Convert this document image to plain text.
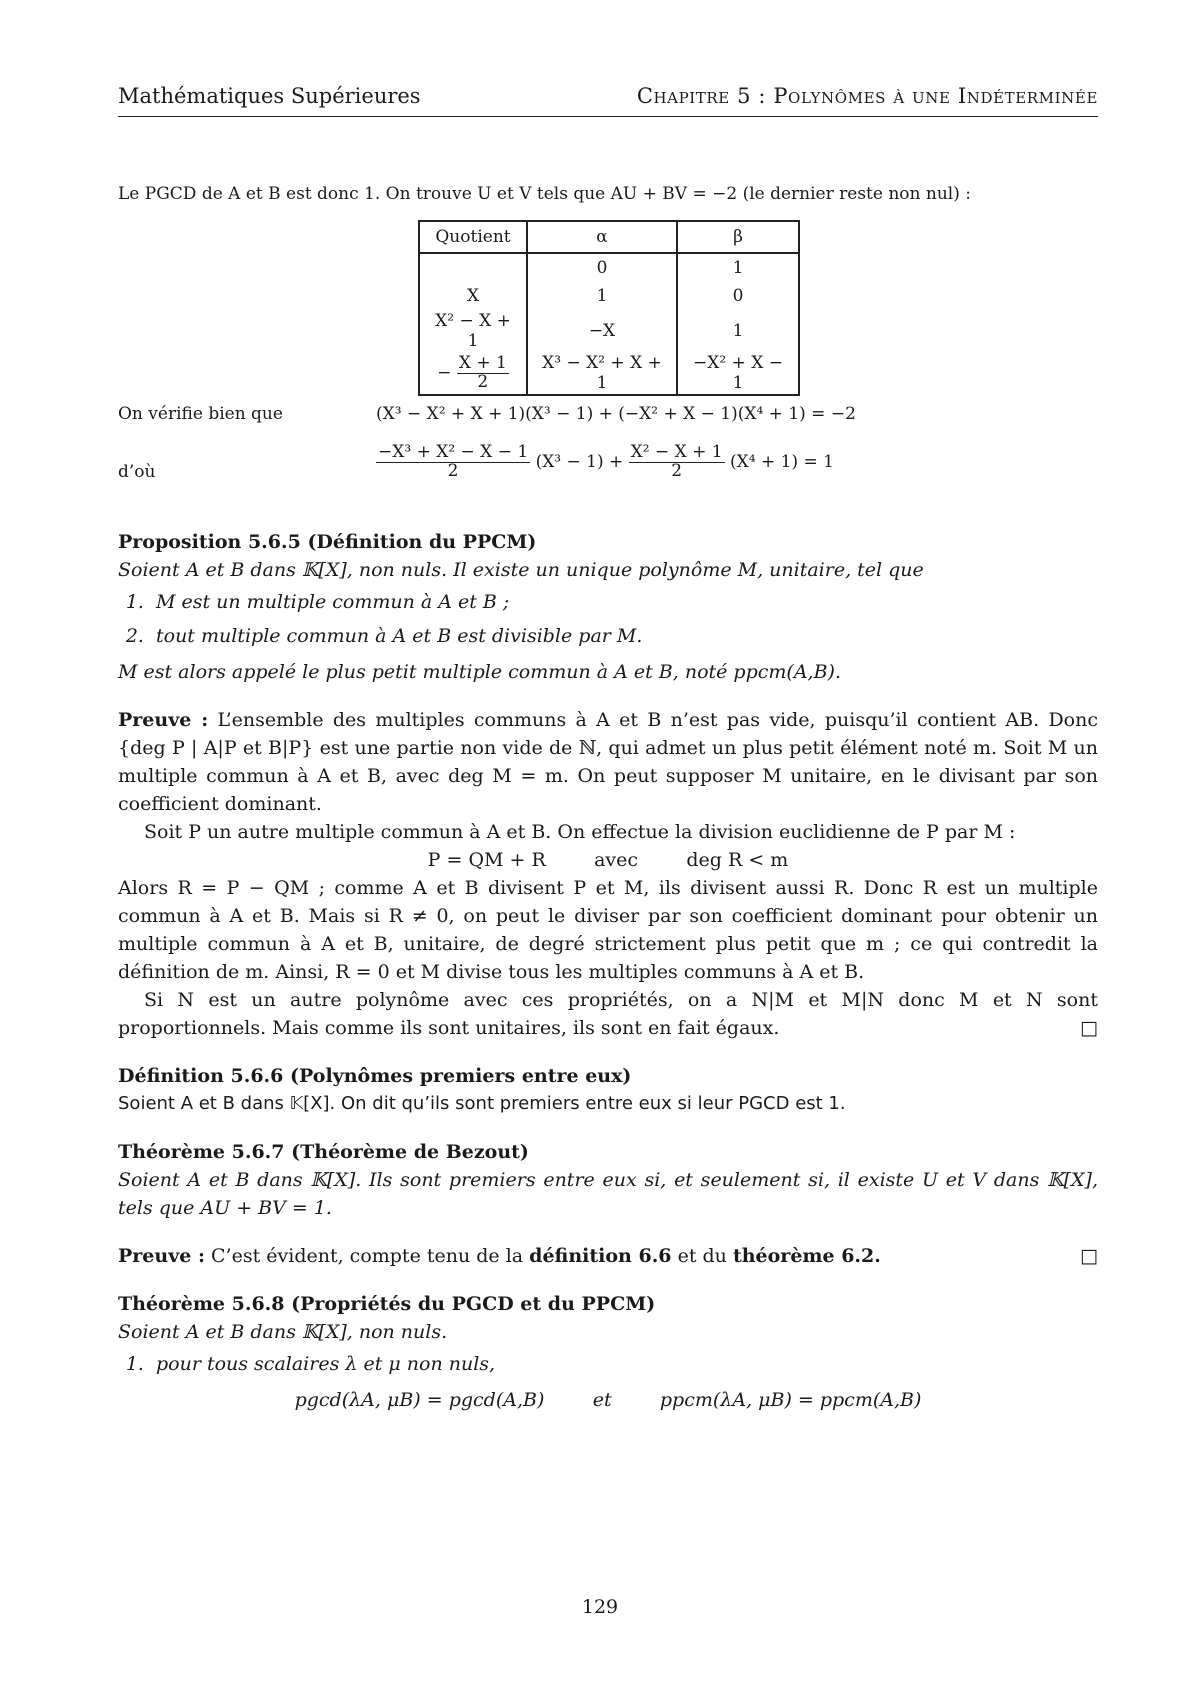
Mathématiques Supérieures	Chapitre 5 : Polynômes à une Indéterminée
Le PGCD de A et B est donc 1. On trouve U et V tels que AU + BV = −2 (le dernier reste non nul) :
Quotient	α	β
	0	1
X	1	0
X² − X + 1	−X	1
− $\frac{X + 1}{2}$	X³ − X² + X + 1	−X² + X − 1
On vérifie bien que	(X³ − X² + X + 1)(X³ − 1) + (−X² + X − 1)(X⁴ + 1) = −2
d’où	$\frac{\text{−X³ + X² − X − 1}}{2} (X^3 - 1) + \frac{\text{X² − X + 1}}{2} (X^4 + 1) = 1$

Proposition 5.6.5 (Définition du PPCM)

Soient A et B dans 𝕂[X], non nuls. Il existe un unique polynôme M, unitaire, tel que

1. M est un multiple commun à A et B ;
2. tout multiple commun à A et B est divisible par M.

M est alors appelé le plus petit multiple commun à A et B, noté ppcm(A,B).

Preuve : L’ensemble des multiples communs à A et B n’est pas vide, puisqu’il contient AB. Donc {deg P | A|P et B|P} est une partie non vide de ℕ, qui admet un plus petit élément noté m. Soit M un multiple commun à A et B, avec deg M = m. On peut supposer M unitaire, en le divisant par son coefficient dominant.

Soit P un autre multiple commun à A et B. On effectue la division euclidienne de P par M :

P = QM + R        avec        deg R < m

Alors R = P − QM ; comme A et B divisent P et M, ils divisent aussi R. Donc R est un multiple commun à A et B. Mais si R ≠ 0, on peut le diviser par son coefficient dominant pour obtenir un multiple commun à A et B, unitaire, de degré strictement plus petit que m ; ce qui contredit la définition de m. Ainsi, R = 0 et M divise tous les multiples communs à A et B.

Si N est un autre polynôme avec ces propriétés, on a N|M et M|N donc M et N sont proportionnels. Mais comme ils sont unitaires, ils sont en fait égaux.	□

Définition 5.6.6 (Polynômes premiers entre eux)

Soient A et B dans 𝕂[X]. On dit qu’ils sont premiers entre eux si leur PGCD est 1.

Théorème 5.6.7 (Théorème de Bezout)

Soient A et B dans 𝕂[X]. Ils sont premiers entre eux si, et seulement si, il existe U et V dans 𝕂[X], tels que AU + BV = 1.

Preuve : C’est évident, compte tenu de la définition 6.6 et du théorème 6.2.	□

Théorème 5.6.8 (Propriétés du PGCD et du PPCM)

Soient A et B dans 𝕂[X], non nuls.

1. pour tous scalaires λ et μ non nuls,

pgcd(λA, μB) = pgcd(A,B)        et        ppcm(λA, μB) = ppcm(A,B)

129
